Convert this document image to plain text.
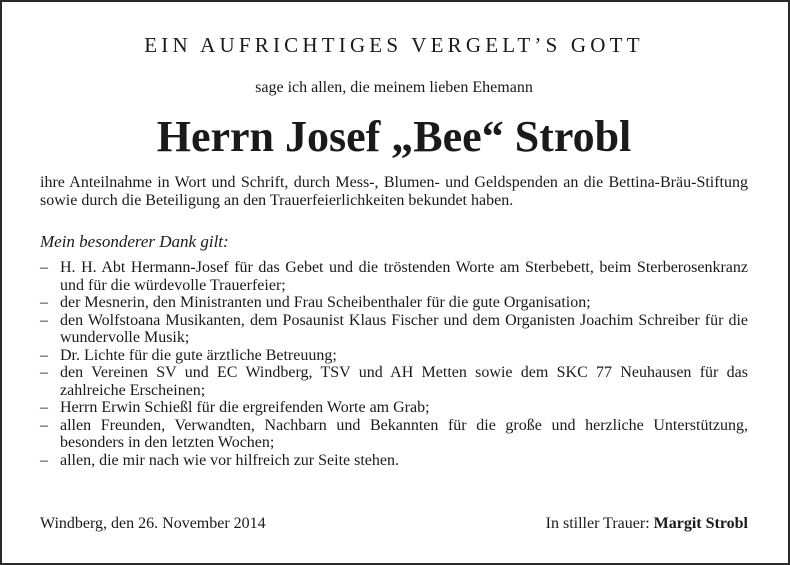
EIN AUFRICHTIGES VERGELT’S GOTT
sage ich allen, die meinem lieben Ehemann
Herrn Josef „Bee“ Strobl
ihre Anteilnahme in Wort und Schrift, durch Mess-, Blumen- und Geldspenden an die Bettina-Bräu-Stiftung sowie durch die Beteiligung an den Trauerfeierlichkeiten bekundet haben.
Mein besonderer Dank gilt:
– H. H. Abt Hermann-Josef für das Gebet und die tröstenden Worte am Sterbebett, beim Sterberosenkranz und für die würdevolle Trauerfeier;
– der Mesnerin, den Ministranten und Frau Scheibenthaler für die gute Organisation;
– den Wolfstoana Musikanten, dem Posaunist Klaus Fischer und dem Organisten Joachim Schreiber für die wundervolle Musik;
– Dr. Lichte für die gute ärztliche Betreuung;
– den Vereinen SV und EC Windberg, TSV und AH Metten sowie dem SKC 77 Neuhausen für das zahlreiche Erscheinen;
– Herrn Erwin Schießl für die ergreifenden Worte am Grab;
– allen Freunden, Verwandten, Nachbarn und Bekannten für die große und herzliche Unterstützung, besonders in den letzten Wochen;
– allen, die mir nach wie vor hilfreich zur Seite stehen.
Windberg, den 26. November 2014	In stiller Trauer: Margit Strobl
